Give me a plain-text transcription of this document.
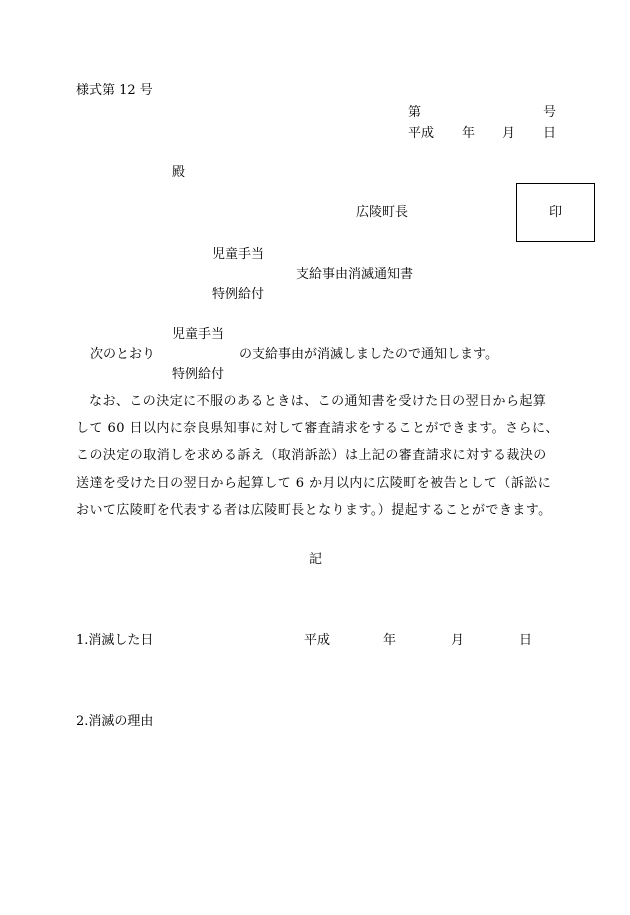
様式第 12 号
第	号
平成 年 月 日
殿
広陵町長	印
児童手当
支給事由消滅通知書
特例給付
児童手当
次のとおり	の支給事由が消滅しましたので通知します。
特例給付
なお、この決定に不服のあるときは、この通知書を受けた日の翌日から起算
して 60 日以内に奈良県知事に対して審査請求をすることができます。さらに、
この決定の取消しを求める訴え（取消訴訟）は上記の審査請求に対する裁決の
送達を受けた日の翌日から起算して 6 か月以内に広陵町を被告として（訴訟に
おいて広陵町を代表する者は広陵町長となります。）提起することができます。
記
1.消滅した日	平成	年	月	日
2.消滅の理由
